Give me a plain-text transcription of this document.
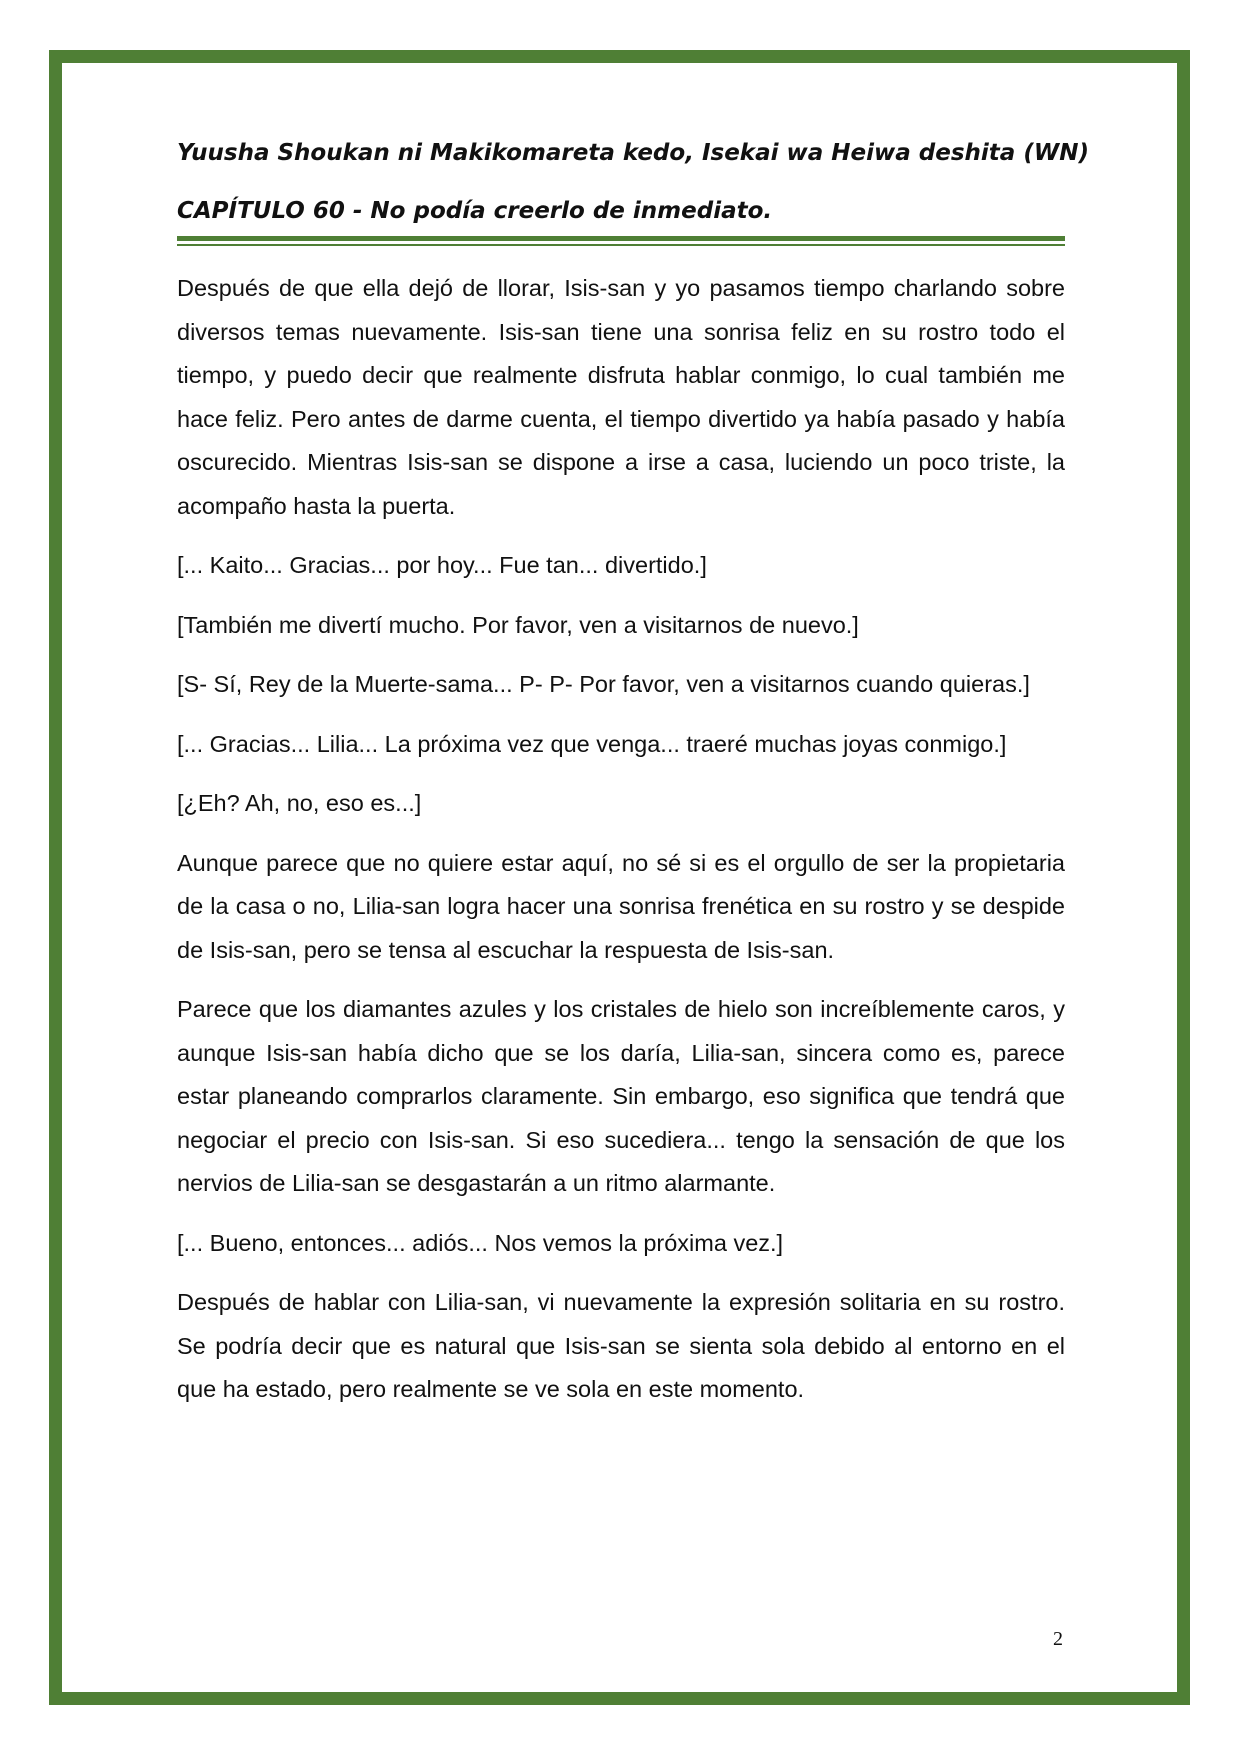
Yuusha Shoukan ni Makikomareta kedo, Isekai wa Heiwa deshita (WN)
CAPÍTULO 60 - No podía creerlo de inmediato.

Después de que ella dejó de llorar, Isis-san y yo pasamos tiempo charlando sobre diversos temas nuevamente. Isis-san tiene una sonrisa feliz en su rostro todo el tiempo, y puedo decir que realmente disfruta hablar conmigo, lo cual también me hace feliz. Pero antes de darme cuenta, el tiempo divertido ya había pasado y había oscurecido. Mientras Isis-san se dispone a irse a casa, luciendo un poco triste, la acompaño hasta la puerta.

[... Kaito... Gracias... por hoy... Fue tan... divertido.]

[También me divertí mucho. Por favor, ven a visitarnos de nuevo.]

[S- Sí, Rey de la Muerte-sama... P- P- Por favor, ven a visitarnos cuando quieras.]

[... Gracias... Lilia... La próxima vez que venga... traeré muchas joyas conmigo.]

[¿Eh? Ah, no, eso es...]

Aunque parece que no quiere estar aquí, no sé si es el orgullo de ser la propietaria de la casa o no, Lilia-san logra hacer una sonrisa frenética en su rostro y se despide de Isis-san, pero se tensa al escuchar la respuesta de Isis-san.

Parece que los diamantes azules y los cristales de hielo son increíblemente caros, y aunque Isis-san había dicho que se los daría, Lilia-san, sincera como es, parece estar planeando comprarlos claramente. Sin embargo, eso significa que tendrá que negociar el precio con Isis-san. Si eso sucediera... tengo la sensación de que los nervios de Lilia-san se desgastarán a un ritmo alarmante.

[... Bueno, entonces... adiós... Nos vemos la próxima vez.]

Después de hablar con Lilia-san, vi nuevamente la expresión solitaria en su rostro. Se podría decir que es natural que Isis-san se sienta sola debido al entorno en el que ha estado, pero realmente se ve sola en este momento.

2
